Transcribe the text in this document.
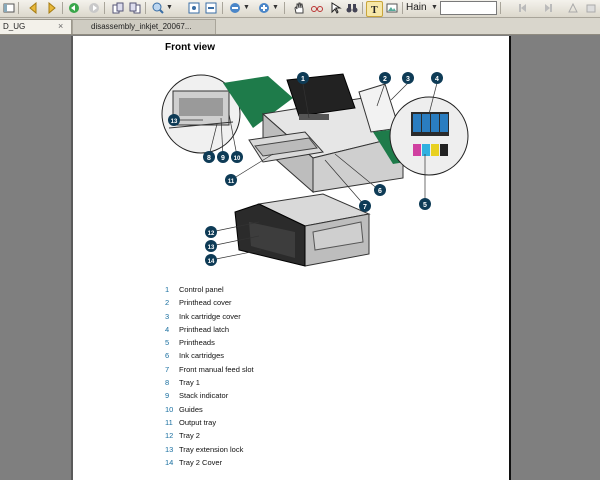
▼	▼	▼	T	Hain ▼
D_UG	×	disassembly_inkjet_20067...
Front view
1	2	3	4
5
6
7
8 9 10
11
12
13
14
13
1 Control panel
2 Printhead cover
3 Ink cartridge cover
4 Printhead latch
5 Printheads
6 Ink cartridges
7 Front manual feed slot
8 Tray 1
9 Stack indicator
10 Guides
11 Output tray
12 Tray 2
13 Tray extension lock
14 Tray 2 Cover
